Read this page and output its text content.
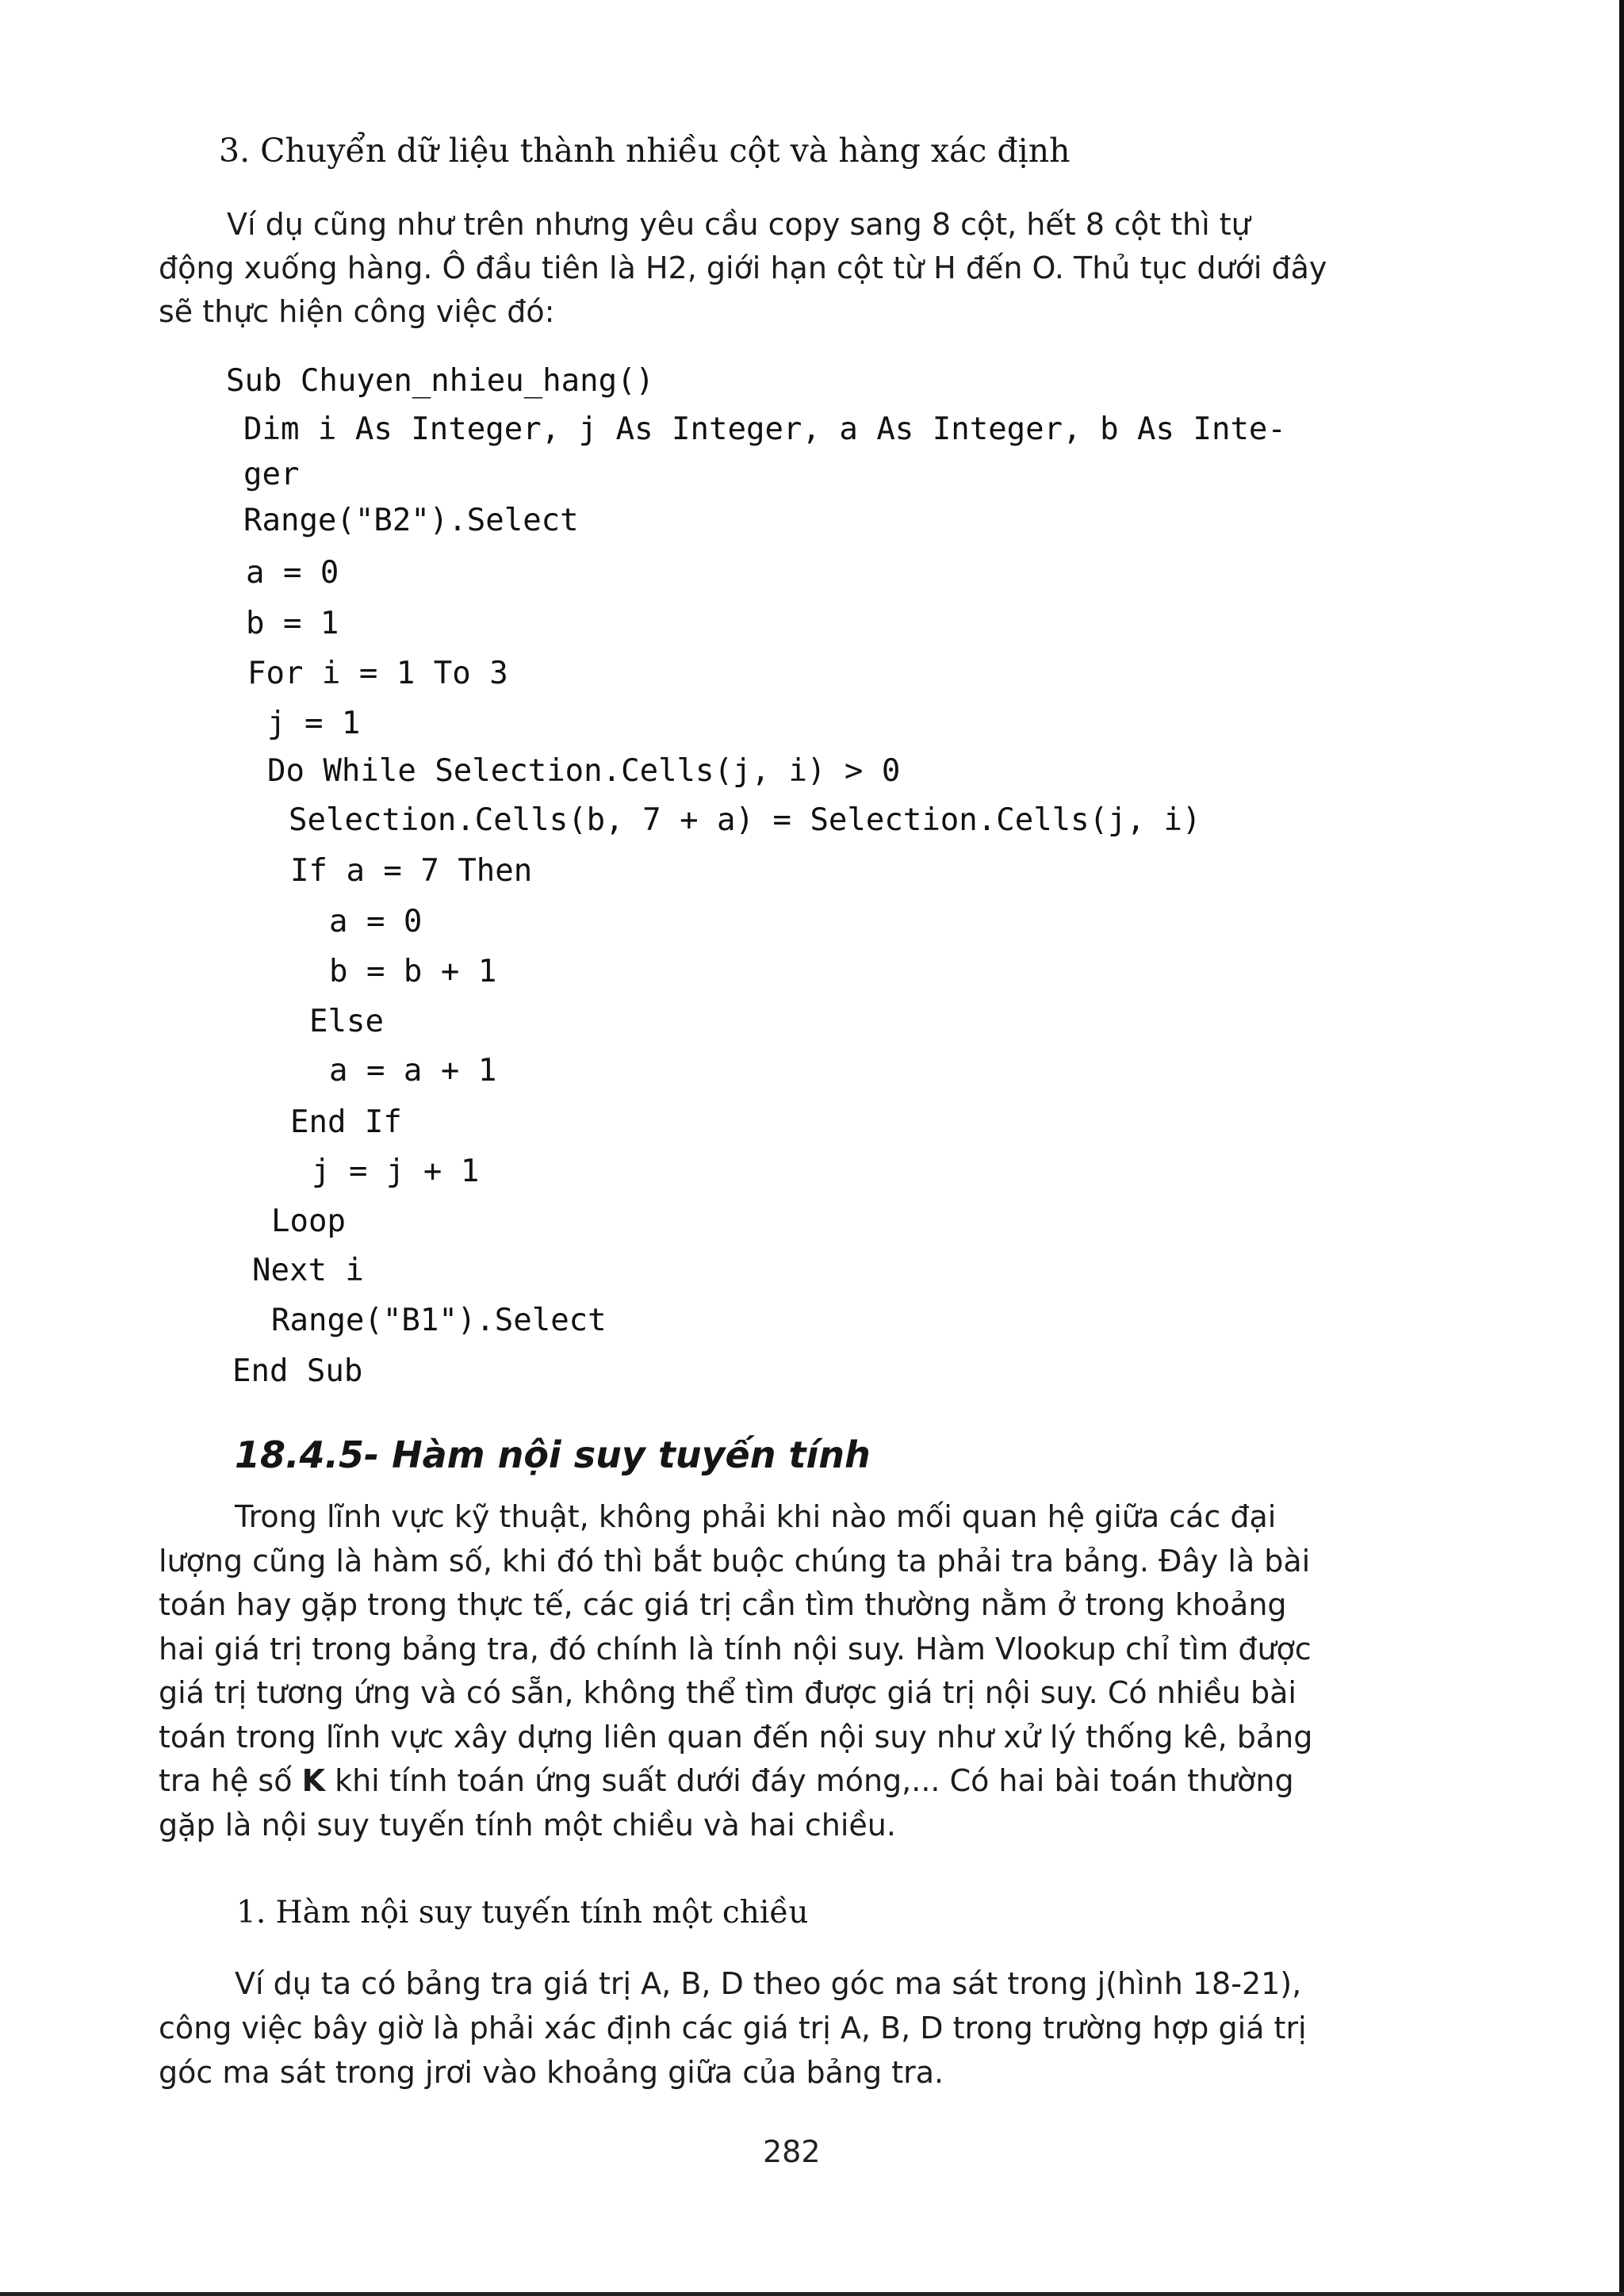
3. Chuyển dữ liệu thành nhiều cột và hàng xác định
Ví dụ cũng như trên nhưng yêu cầu copy sang 8 cột, hết 8 cột thì tự
động xuống hàng. Ô đầu tiên là H2, giới hạn cột từ H đến O. Thủ tục dưới đây
sẽ thực hiện công việc đó:
Sub Chuyen_nhieu_hang()
Dim i As Integer, j As Integer, a As Integer, b As Inte-
ger
Range("B2").Select
a = 0
b = 1
For i = 1 To 3
j = 1
Do While Selection.Cells(j, i) > 0
Selection.Cells(b, 7 + a) = Selection.Cells(j, i)
If a = 7 Then
a = 0
b = b + 1
Else
a = a + 1
End If
j = j + 1
Loop
Next i
Range("B1").Select
End Sub
18.4.5- Hàm nội suy tuyến tính
Trong lĩnh vực kỹ thuật, không phải khi nào mối quan hệ giữa các đại
lượng cũng là hàm số, khi đó thì bắt buộc chúng ta phải tra bảng. Đây là bài
toán hay gặp trong thực tế, các giá trị cần tìm thường nằm ở trong khoảng
hai giá trị trong bảng tra, đó chính là tính nội suy. Hàm Vlookup chỉ tìm được
giá trị tương ứng và có sẵn, không thể tìm được giá trị nội suy. Có nhiều bài
toán trong lĩnh vực xây dựng liên quan đến nội suy như xử lý thống kê, bảng
tra hệ số K khi tính toán ứng suất dưới đáy móng,... Có hai bài toán thường
gặp là nội suy tuyến tính một chiều và hai chiều.
1. Hàm nội suy tuyến tính một chiều
Ví dụ ta có bảng tra giá trị A, B, D theo góc ma sát trong j(hình 18-21),
công việc bây giờ là phải xác định các giá trị A, B, D trong trường hợp giá trị
góc ma sát trong jrơi vào khoảng giữa của bảng tra.
282
